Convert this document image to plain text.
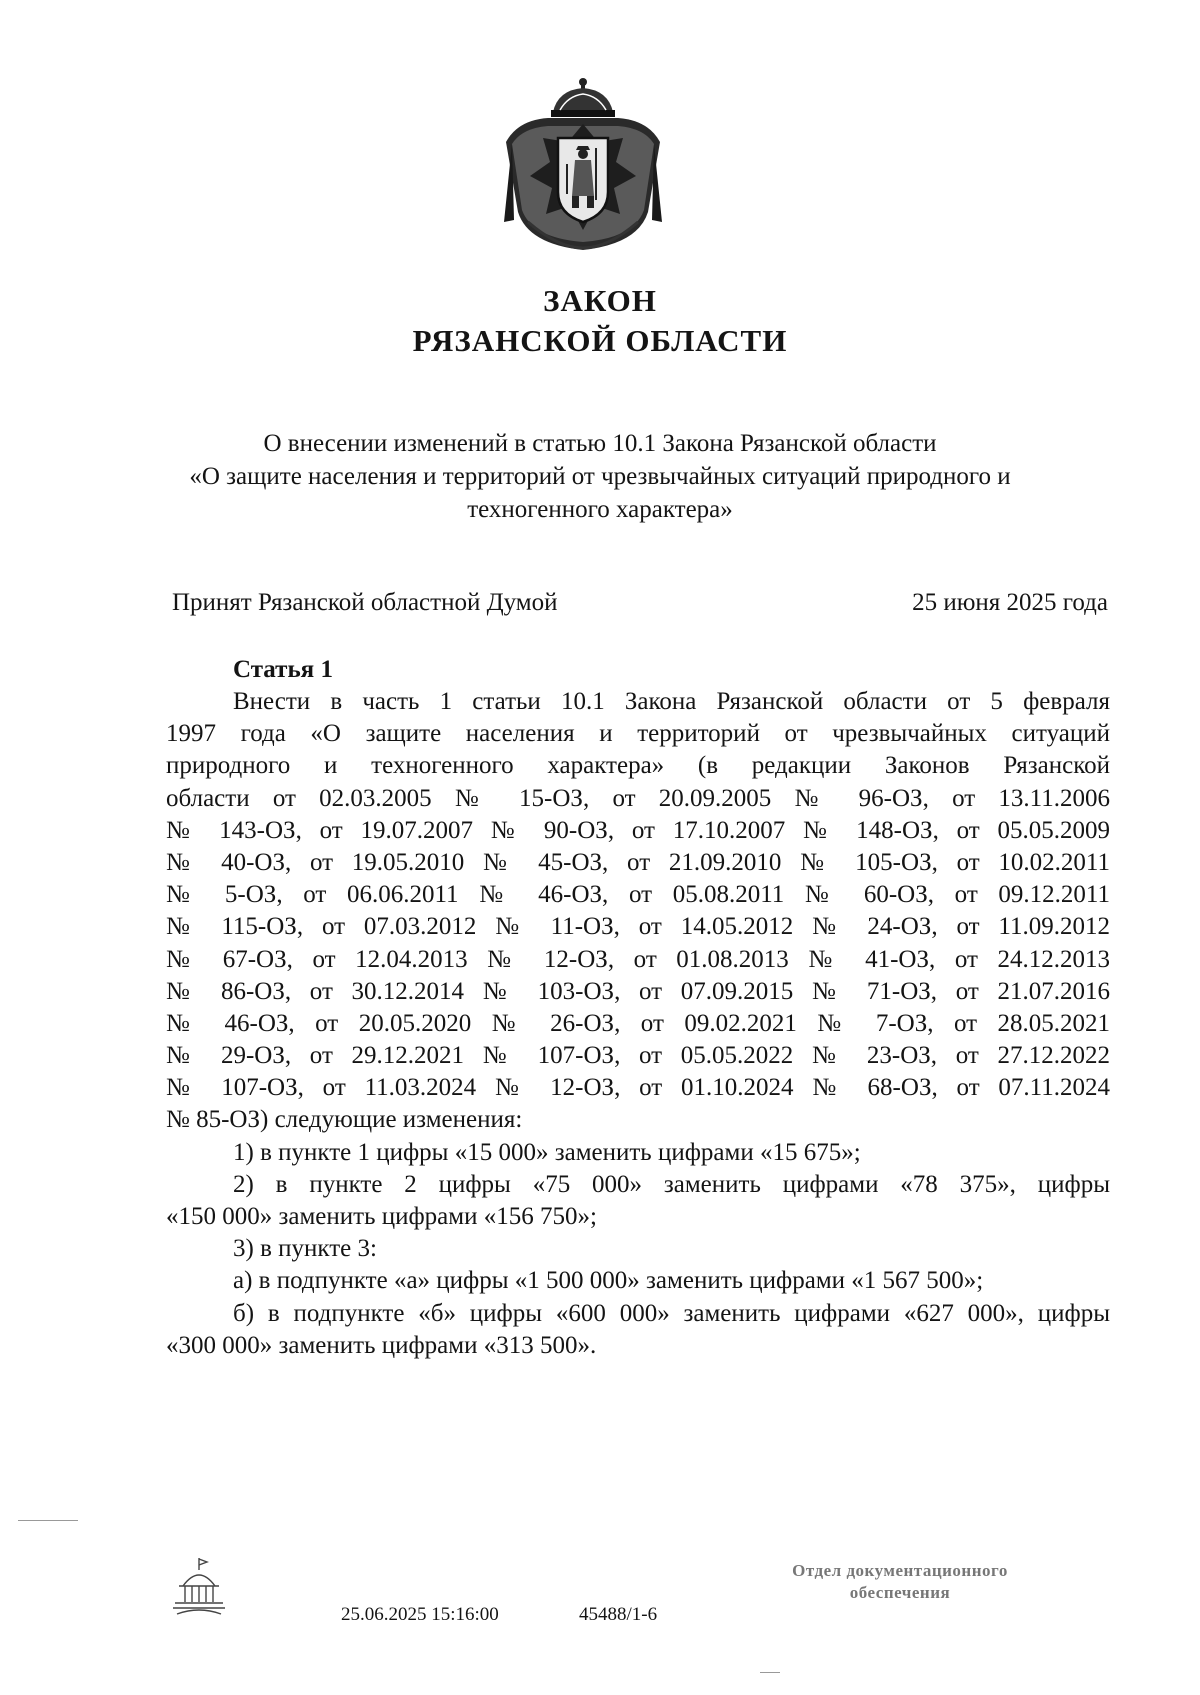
ЗАКОН
РЯЗАНСКОЙ ОБЛАСТИ
О внесении изменений в статью 10.1 Закона Рязанской области
«О защите населения и территорий от чрезвычайных ситуаций природного и
техногенного характера»
Принят Рязанской областной Думой	25 июня 2025 года
Статья 1
Внести в часть 1 статьи 10.1 Закона Рязанской области от 5 февраля
1997 года «О защите населения и территорий от чрезвычайных ситуаций
природного и техногенного характера» (в редакции Законов Рязанской
области от 02.03.2005 № 15-ОЗ, от 20.09.2005 № 96-ОЗ, от 13.11.2006
№ 143-ОЗ, от 19.07.2007 № 90-ОЗ, от 17.10.2007 № 148-ОЗ, от 05.05.2009
№ 40-ОЗ, от 19.05.2010 № 45-ОЗ, от 21.09.2010 № 105-ОЗ, от 10.02.2011
№ 5-ОЗ, от 06.06.2011 № 46-ОЗ, от 05.08.2011 № 60-ОЗ, от 09.12.2011
№ 115-ОЗ, от 07.03.2012 № 11-ОЗ, от 14.05.2012 № 24-ОЗ, от 11.09.2012
№ 67-ОЗ, от 12.04.2013 № 12-ОЗ, от 01.08.2013 № 41-ОЗ, от 24.12.2013
№ 86-ОЗ, от 30.12.2014 № 103-ОЗ, от 07.09.2015 № 71-ОЗ, от 21.07.2016
№ 46-ОЗ, от 20.05.2020 № 26-ОЗ, от 09.02.2021 № 7-ОЗ, от 28.05.2021
№ 29-ОЗ, от 29.12.2021 № 107-ОЗ, от 05.05.2022 № 23-ОЗ, от 27.12.2022
№ 107-ОЗ, от 11.03.2024 № 12-ОЗ, от 01.10.2024 № 68-ОЗ, от 07.11.2024
№ 85-ОЗ) следующие изменения:
1) в пункте 1 цифры «15 000» заменить цифрами «15 675»;
2) в пункте 2 цифры «75 000» заменить цифрами «78 375», цифры
«150 000» заменить цифрами «156 750»;
3) в пункте 3:
а) в подпункте «а» цифры «1 500 000» заменить цифрами «1 567 500»;
б) в подпункте «б» цифры «600 000» заменить цифрами «627 000», цифры
«300 000» заменить цифрами «313 500».
25.06.2025 15:16:00	45488/1-6
Отдел документационного
обеспечения
